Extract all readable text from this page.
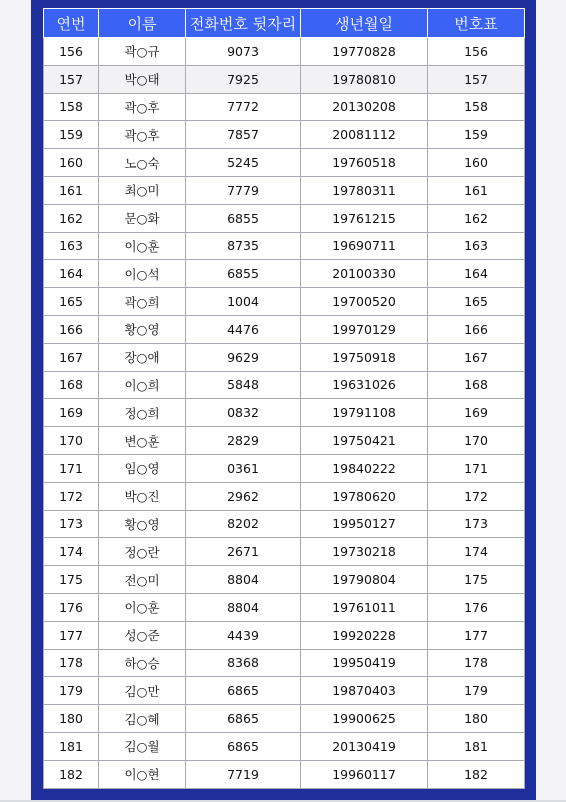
연번	이름	전화번호 뒷자리	생년월일	번호표
156	곽○규	9073	19770828	156
157	박○태	7925	19780810	157
158	곽○후	7772	20130208	158
159	곽○후	7857	20081112	159
160	노○숙	5245	19760518	160
161	최○미	7779	19780311	161
162	문○화	6855	19761215	162
163	이○훈	8735	19690711	163
164	이○석	6855	20100330	164
165	곽○희	1004	19700520	165
166	황○영	4476	19970129	166
167	장○애	9629	19750918	167
168	이○희	5848	19631026	168
169	정○희	0832	19791108	169
170	변○훈	2829	19750421	170
171	임○영	0361	19840222	171
172	박○진	2962	19780620	172
173	황○영	8202	19950127	173
174	정○란	2671	19730218	174
175	전○미	8804	19790804	175
176	이○훈	8804	19761011	176
177	성○준	4439	19920228	177
178	하○승	8368	19950419	178
179	김○만	6865	19870403	179
180	김○혜	6865	19900625	180
181	김○월	6865	20130419	181
182	이○현	7719	19960117	182
